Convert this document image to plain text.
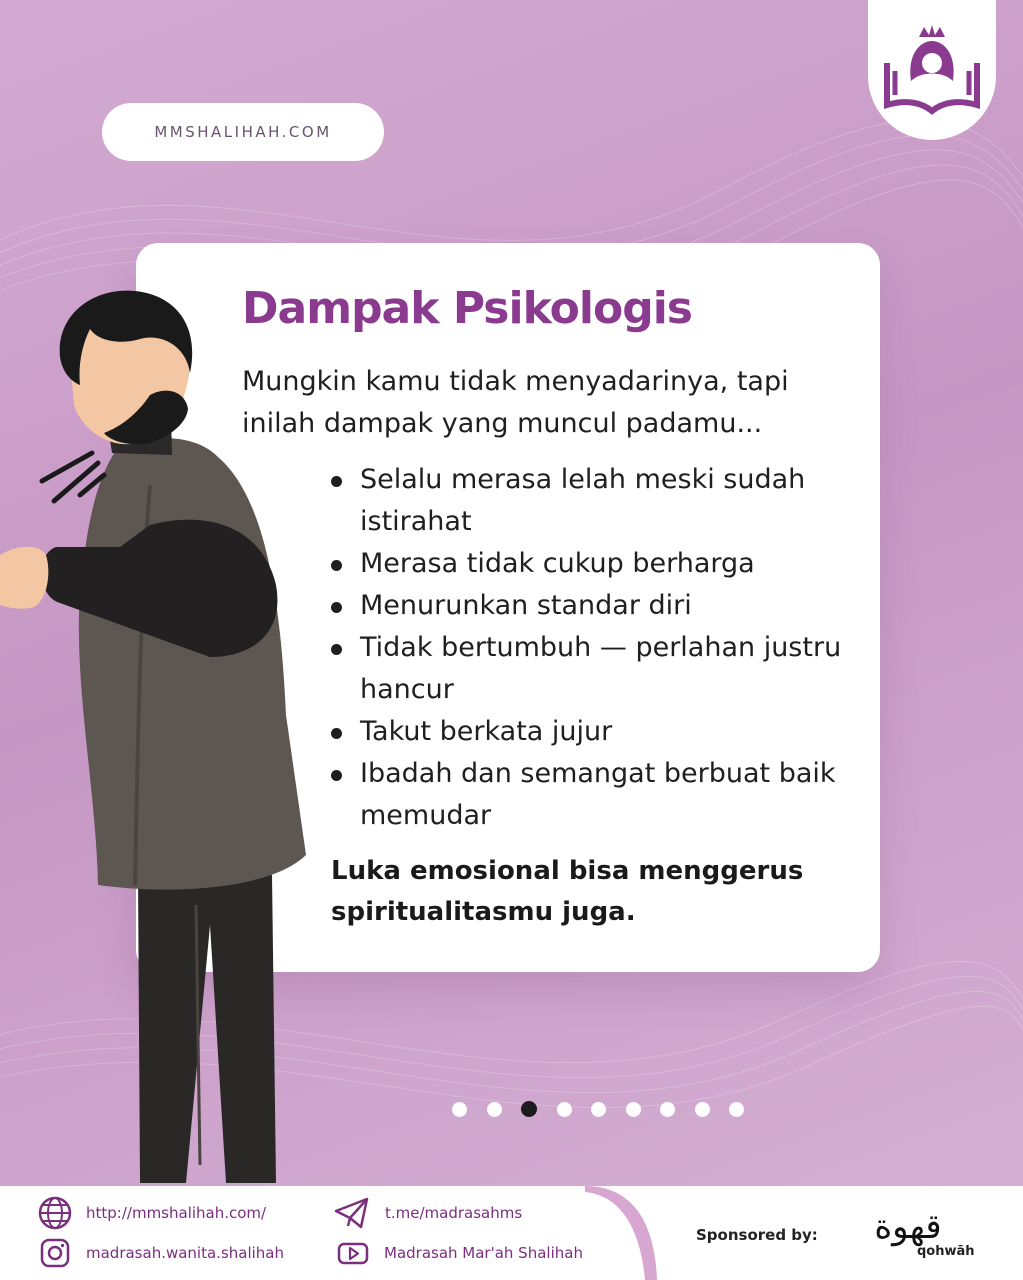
MMSHALIHAH.COM
Dampak Psikologis

Mungkin kamu tidak menyadarinya, tapi inilah dampak yang muncul padamu...

Selalu merasa lelah meski sudah istirahat
Merasa tidak cukup berharga
Menurunkan standar diri
Tidak bertumbuh — perlahan justru hancur
Takut berkata jujur
Ibadah dan semangat berbuat baik memudar

Luka emosional bisa menggerus spiritualitasmu juga.

http://mmshalihah.com/
madrasah.wanita.shalihah
t.me/madrasahms
Madrasah Mar'ah Shalihah
Sponsored by: قهوة
qohwāh
